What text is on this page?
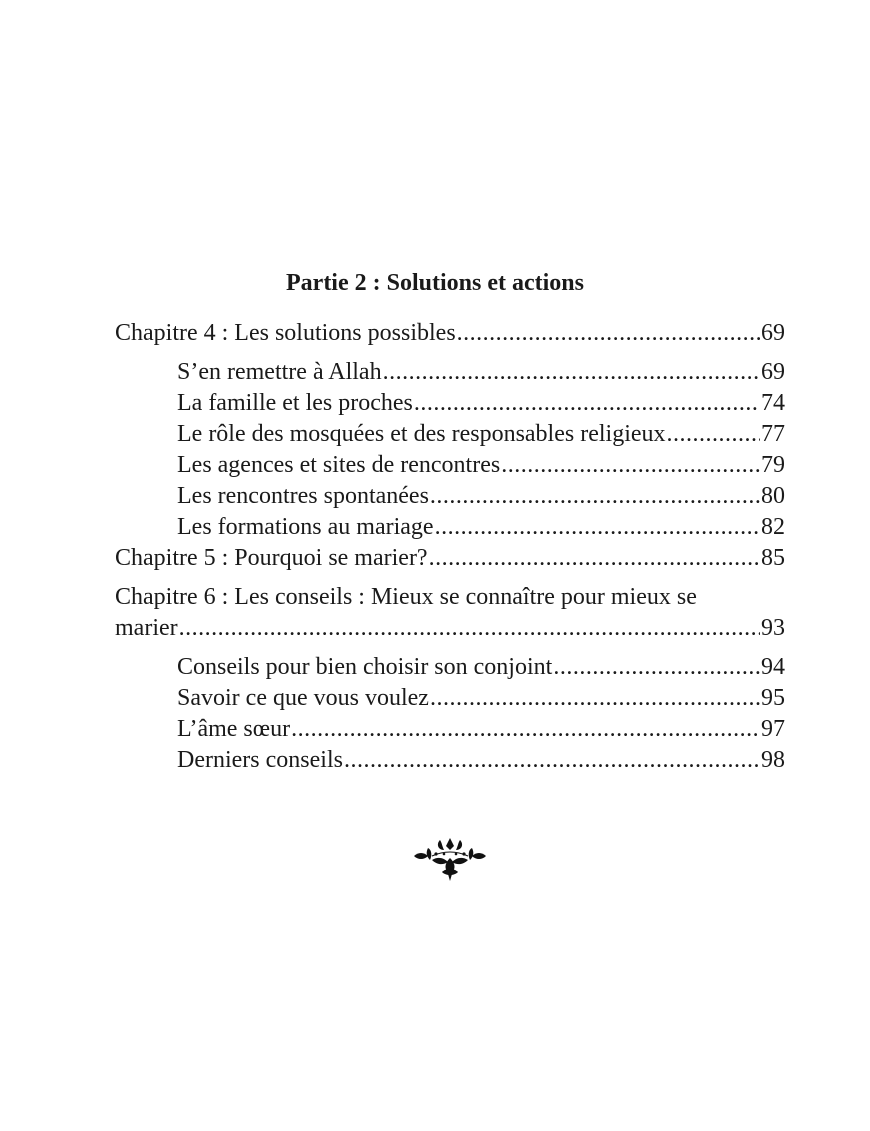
Partie 2 : Solutions et actions
Chapitre 4 : Les solutions possibles .....	69
S’en remettre à Allah .....	69
La famille et les proches .....	74
Le rôle des mosquées et des responsables religieux .....	77
Les agences et sites de rencontres .....	79
Les rencontres spontanées .....	80
Les formations au mariage .....	82
Chapitre 5 : Pourquoi se marier? .....	85
Chapitre 6 : Les conseils : Mieux se connaître pour mieux se
marier .....	93
Conseils pour bien choisir son conjoint .....	94
Savoir ce que vous voulez .....	95
L’âme sœur .....	97
Derniers conseils .....	98
